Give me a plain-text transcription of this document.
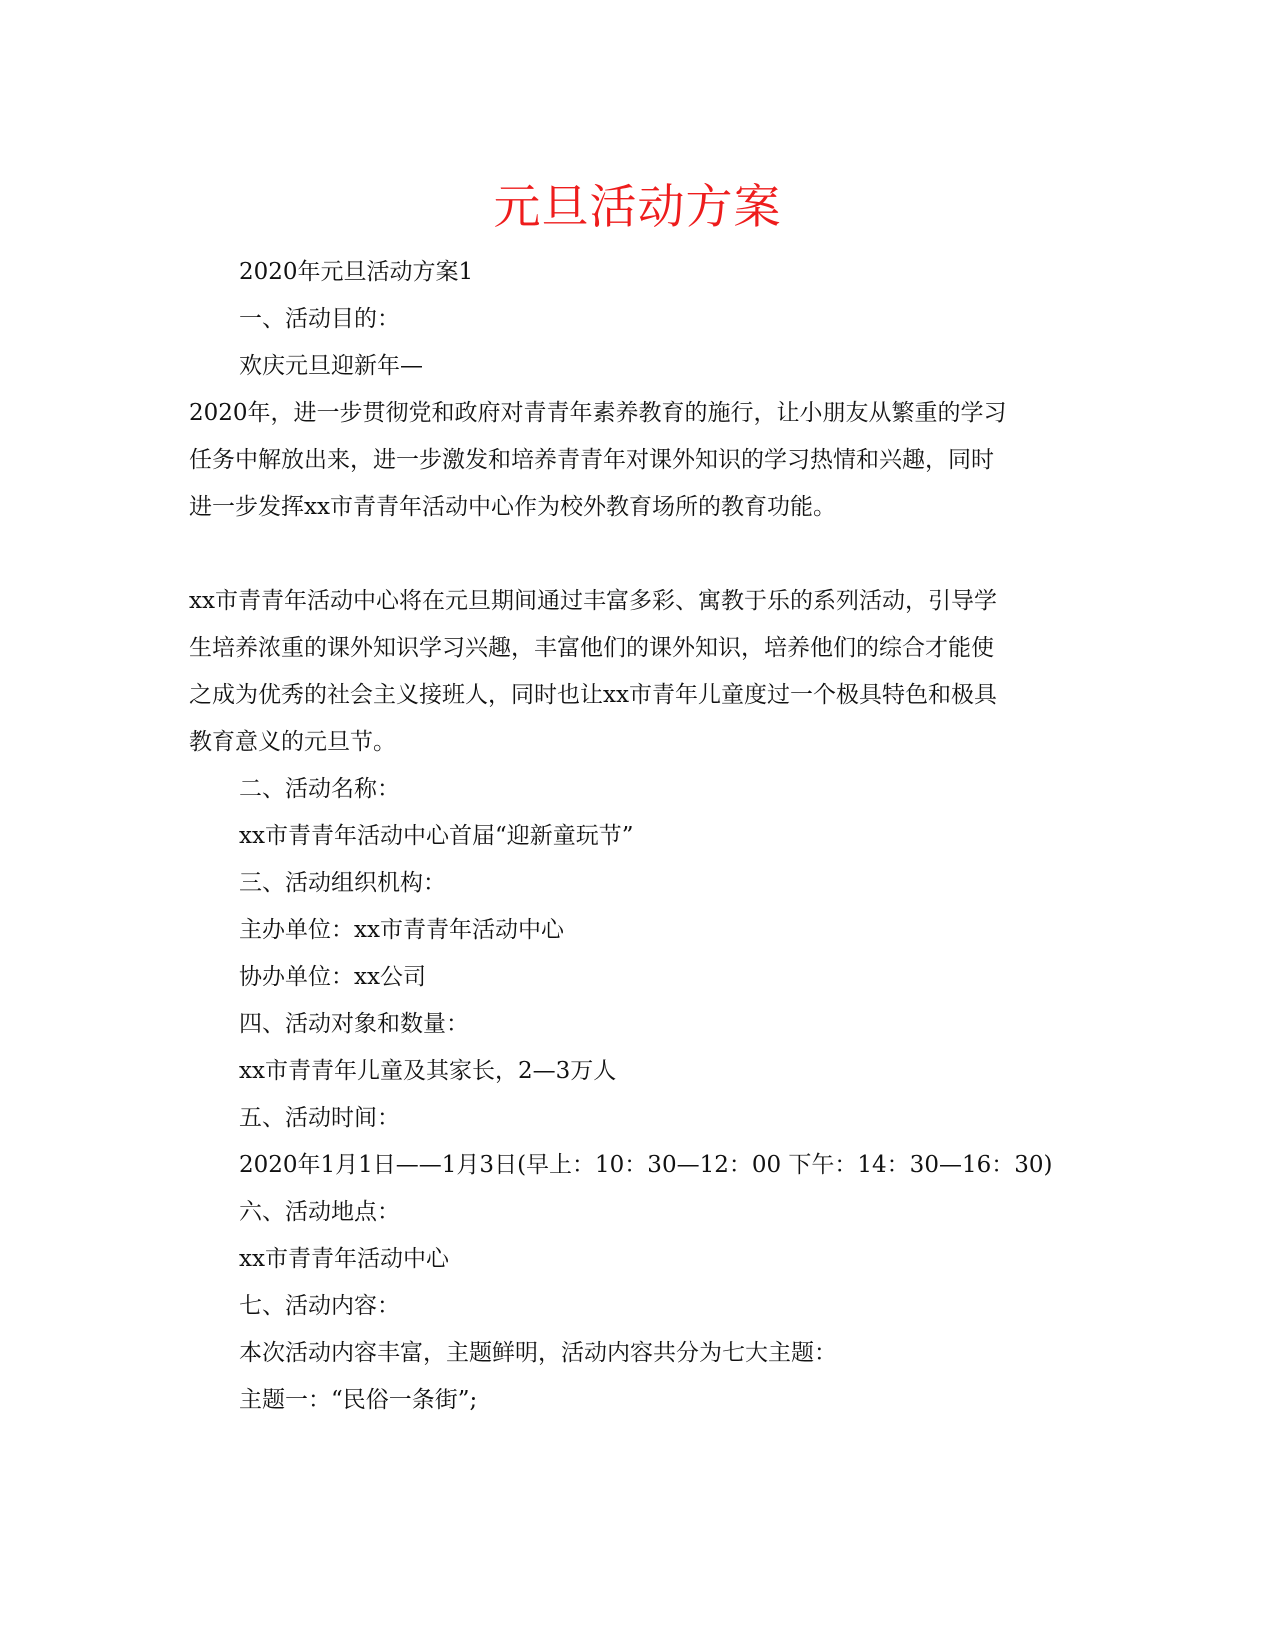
元旦活动方案

2020年元旦活动方案1

一、活动目的：

欢庆元旦迎新年—

2020年，进一步贯彻党和政府对青青年素养教育的施行，让小朋友从繁重的学习

任务中解放出来，进一步激发和培养青青年对课外知识的学习热情和兴趣，同时

进一步发挥xx市青青年活动中心作为校外教育场所的教育功能。

xx市青青年活动中心将在元旦期间通过丰富多彩、寓教于乐的系列活动，引导学

生培养浓重的课外知识学习兴趣，丰富他们的课外知识，培养他们的综合才能使

之成为优秀的社会主义接班人，同时也让xx市青年儿童度过一个极具特色和极具

教育意义的元旦节。

二、活动名称：

xx市青青年活动中心首届“迎新童玩节”

三、活动组织机构：

主办单位：xx市青青年活动中心

协办单位：xx公司

四、活动对象和数量：

xx市青青年儿童及其家长，2—3万人

五、活动时间：

2020年1月1日——1月3日(早上：10：30—12：00 下午：14：30—16：30)

六、活动地点：

xx市青青年活动中心

七、活动内容：

本次活动内容丰富，主题鲜明，活动内容共分为七大主题：

主题一：“民俗一条街”;
